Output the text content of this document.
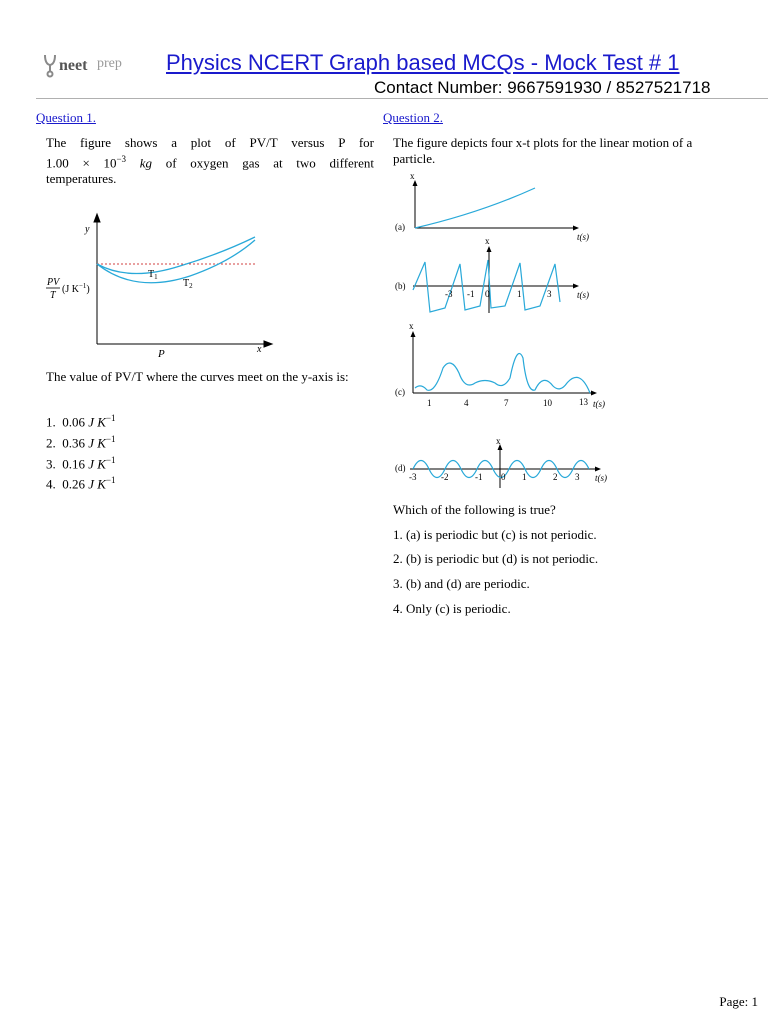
neet prep Physics NCERT Graph based MCQs - Mock Test # 1
Contact Number: 9667591930 / 8527521718
Question 1.
The figure shows a plot of PV/T versus P for
$1.00 \times 10^{-3}$ kg of oxygen gas at two different
temperatures.
y
x
P
$T_1$
$T_2$
PV
T
(J $K^{-1}$)
The value of PV/T where the curves meet on the y-axis is:
1. 0.06 J $K^{-1}$
2. 0.36 J $K^{-1}$
3. 0.16 J $K^{-1}$
4. 0.26 J $K^{-1}$
Question 2.
The figure depicts four x-t plots for the linear motion of a particle.
x
(a)
t(s)
x
(b)
-3 -1 0	1	3	t(s)
x
(c)
1	4	7	10	13 t(s)
x
(d)
-3	-2	-1 0 1	2 3 t(s)
Which of the following is true?
1. (a) is periodic but (c) is not periodic.
2. (b) is periodic but (d) is not periodic.
3. (b) and (d) are periodic.
4. Only (c) is periodic.
Page: 1
